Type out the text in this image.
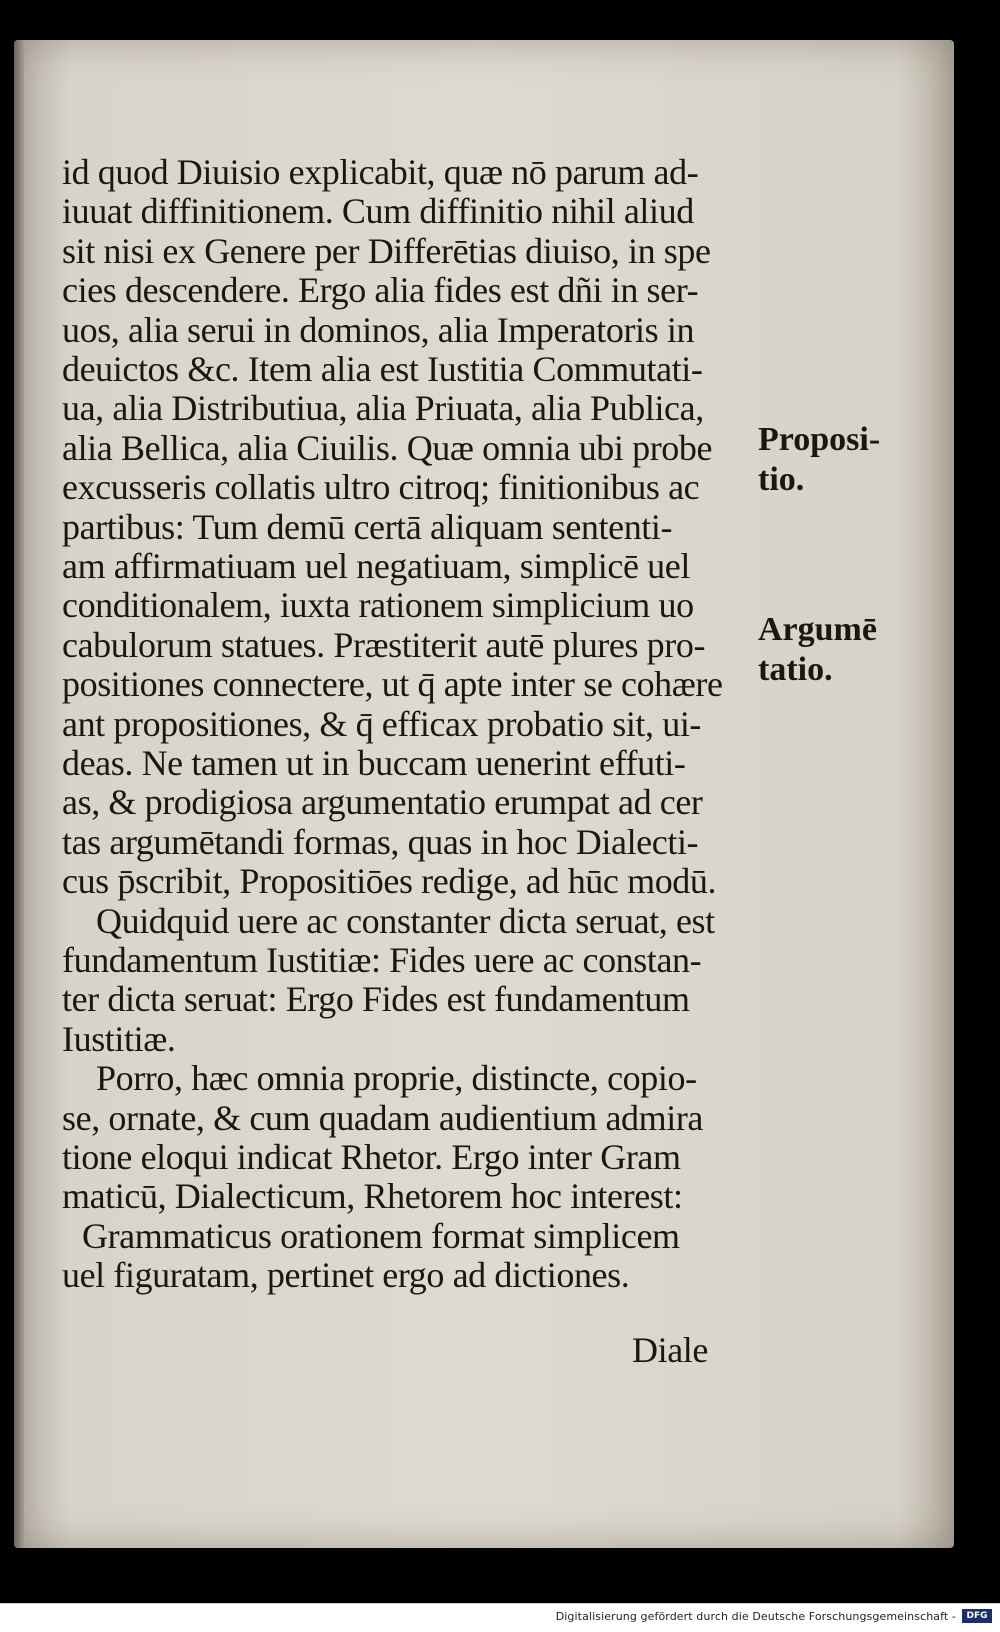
id quod Diuisio explicabit, quæ nō parum ad-
iuuat diffinitionem. Cum diffinitio nihil aliud
sit nisi ex Genere per Differētias diuiso, in spe
cies descendere. Ergo alia fides est dñi in ser-
uos, alia serui in dominos, alia Imperatoris in
deuictos &c. Item alia est Iustitia Commutati-
ua, alia Distributiua, alia Priuata, alia Publica,
alia Bellica, alia Ciuilis. Quæ omnia ubi probe
excusseris collatis ultro citroq; finitionibus ac
partibus: Tum demū certā aliquam sententi-
am affirmatiuam uel negatiuam, simplicē uel
conditionalem, iuxta rationem simplicium uo
cabulorum statues. Præstiterit autē plures pro-
positiones connectere, ut q̄ apte inter se cohære
ant propositiones, & q̄ efficax probatio sit, ui-
deas. Ne tamen ut in buccam uenerint effuti-
as, & prodigiosa argumentatio erumpat ad cer
tas argumētandi formas, quas in hoc Dialecti-
cus p̄scribit, Propositiōes redige, ad hūc modū.
Quidquid uere ac constanter dicta seruat, est
fundamentum Iustitiæ: Fides uere ac constan-
ter dicta seruat: Ergo Fides est fundamentum
Iustitiæ.
Porro, hæc omnia proprie, distincte, copio-
se, ornate, & cum quadam audientium admira
tione eloqui indicat Rhetor. Ergo inter Gram
maticū, Dialecticum, Rhetorem hoc interest:
Grammaticus orationem format simplicem
uel figuratam, pertinet ergo ad dictiones.
Proposi-
tio.
Argumē
tatio.
Diale
Digitalisierung gefördert durch die Deutsche Forschungsgemeinschaft -	DFG
